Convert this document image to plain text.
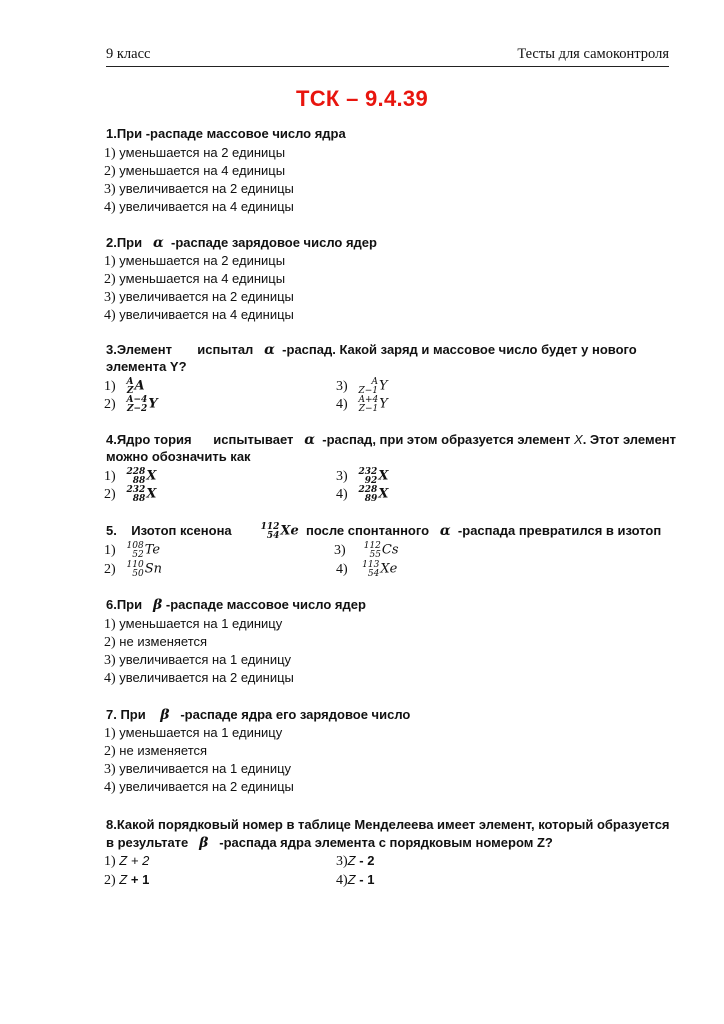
9 класс	Тесты для самоконтроля
ТСК – 9.4.39
1.При -распаде массовое число ядра
1) уменьшается на 2 единицы
2) уменьшается на 4 единицы
3) увеличивается на 2 единицы
4) увеличивается на 4 единицы
2.При α -распаде зарядовое число ядер
1) уменьшается на 2 единицы
2) уменьшается на 4 единицы
3) увеличивается на 2 единицы
4) увеличивается на 4 единицы
3.Элемент испытал α -распад. Какой заряд и массовое число будет у нового
элемента Y?
1) A
Z A
2) A−4
Z−2 Y
3)	A
Z−1 Y
4) A+4
Z−1 Y
4.Ядро тория испытывает α -распад, при этом образуется элемент X. Этот элемент
можно обозначить как
1) 228
88 X
2) 232
88 X
3) 232
92 X
4) 228
89 X
5. Изотоп ксенона	112
54 Xe после спонтанного α -распада превратился в изотоп
1) 108
52 Te
2) 110
50 Sn
3) 112
55 Cs
4) 113
54 Xe
6.При β -распаде массовое число ядер
1) уменьшается на 1 единицу
2) не изменяется
3) увеличивается на 1 единицу
4) увеличивается на 2 единицы
7. При β -распаде ядра его зарядовое число
1) уменьшается на 1 единицу
2) не изменяется
3) увеличивается на 1 единицу
4) увеличивается на 2 единицы
8.Какой порядковый номер в таблице Менделеева имеет элемент, который образуется
в результате β -распада ядра элемента с порядковым номером Z?
1) Z + 2
2) Z + 1
3)Z - 2
4)Z - 1
